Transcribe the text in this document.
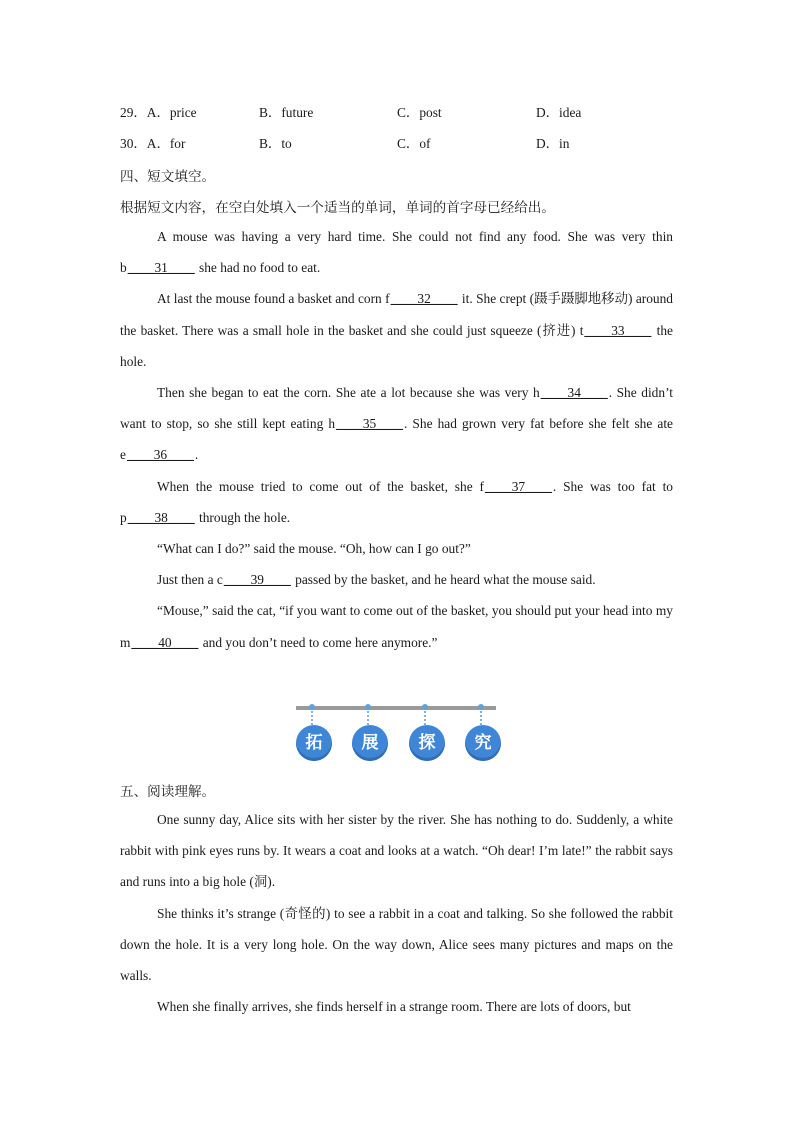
29．A．price	B．future	C．post	D．idea
30．A．for	B．to	C．of	D．in
四、短文填空。
根据短文内容，在空白处填入一个适当的单词，单词的首字母已经给出。

A mouse was having a very hard time. She could not find any food. She was very thin b____31____ she had no food to eat.

At last the mouse found a basket and corn f____32____ it. She crept (蹑手蹑脚地移动) around the basket. There was a small hole in the basket and she could just squeeze (挤进) t____33____ the hole.

Then she began to eat the corn. She ate a lot because she was very h____34____. She didn’t want to stop, so she still kept eating h____35____. She had grown very fat before she felt she ate e____36____.

When the mouse tried to come out of the basket, she f____37____. She was too fat to p____38____ through the hole.

“What can I do?” said the mouse. “Oh, how can I go out?”

Just then a c____39____ passed by the basket, and he heard what the mouse said.

“Mouse,” said the cat, “if you want to come out of the basket, you should put your head into my m____40____ and you don’t need to come here anymore.”

拓	展	探	究
五、阅读理解。

One sunny day, Alice sits with her sister by the river. She has nothing to do. Suddenly, a white rabbit with pink eyes runs by. It wears a coat and looks at a watch. “Oh dear! I’m late!” the rabbit says and runs into a big hole (洞).

She thinks it’s strange (奇怪的) to see a rabbit in a coat and talking. So she followed the rabbit down the hole. It is a very long hole. On the way down, Alice sees many pictures and maps on the walls.

When she finally arrives, she finds herself in a strange room. There are lots of doors, but
